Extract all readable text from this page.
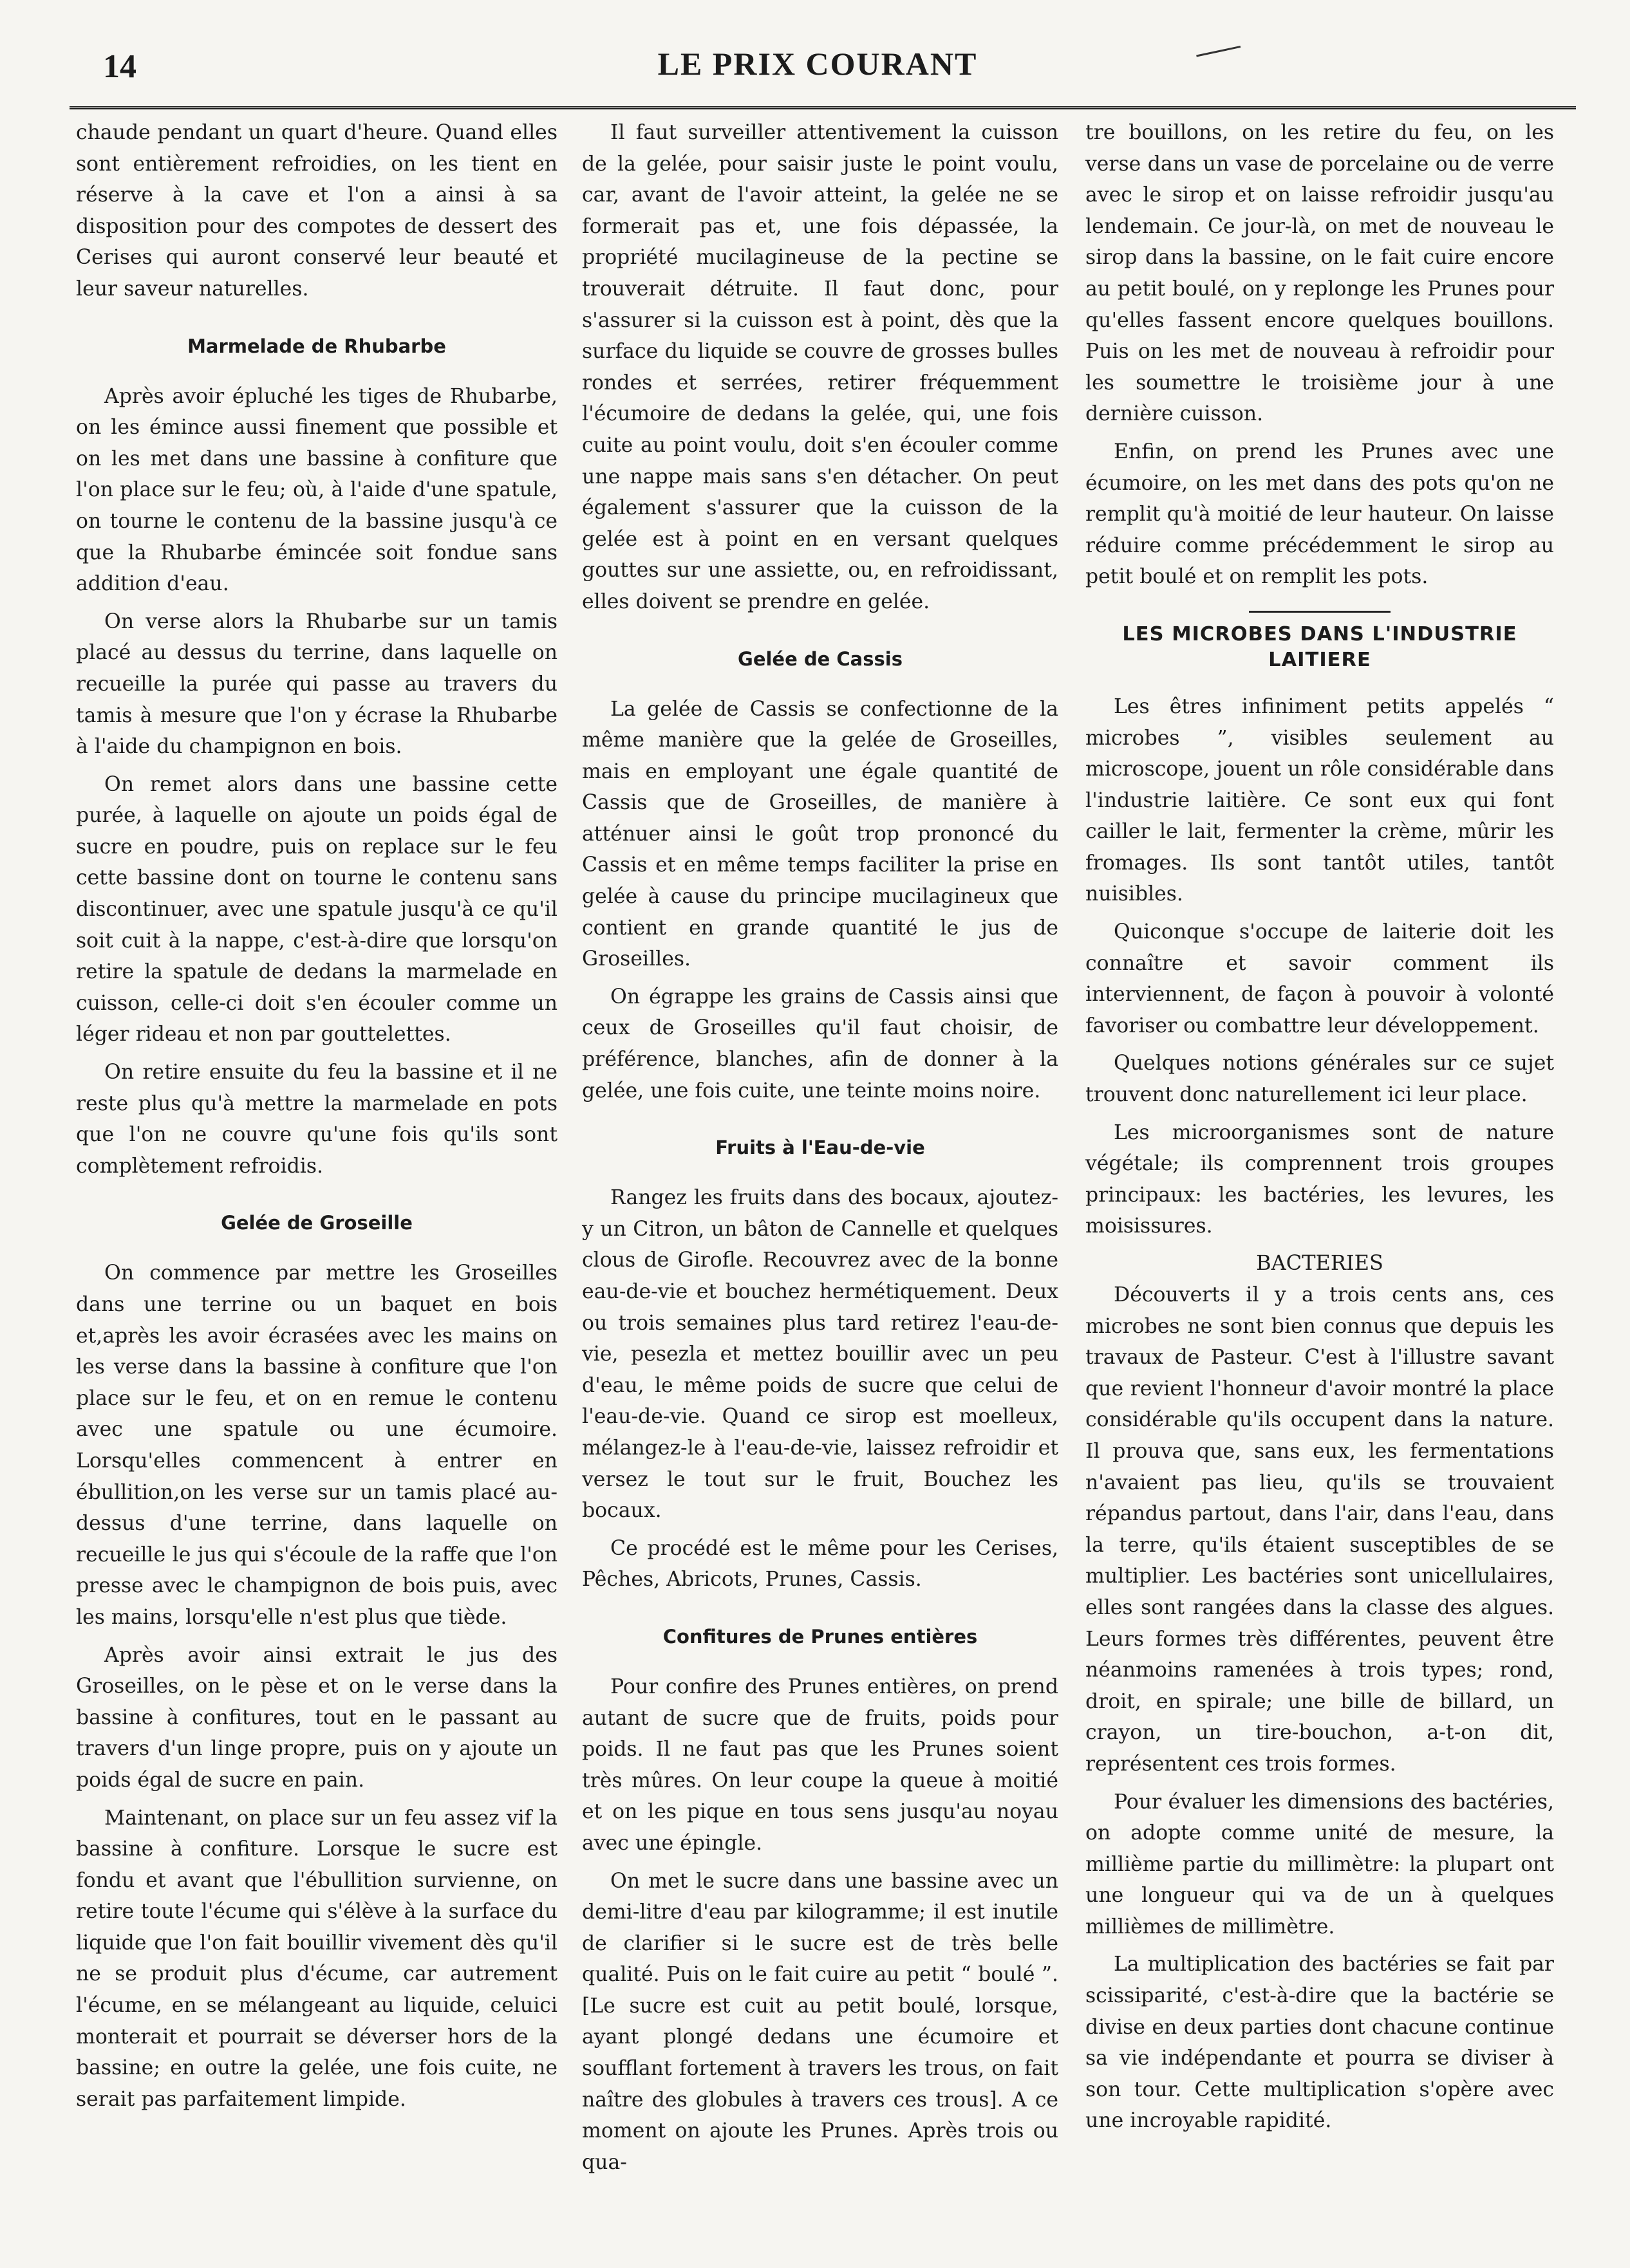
14	LE PRIX COURANT

chaude pendant un quart d'heure. Quand elles sont entièrement refroidies, on les tient en réserve à la cave et l'on a ainsi à sa disposition pour des compotes de dessert des Cerises qui auront conservé leur beauté et leur saveur naturelles.

Marmelade de Rhubarbe

Après avoir épluché les tiges de Rhubarbe, on les émince aussi finement que possible et on les met dans une bassine à confiture que l'on place sur le feu; où, à l'aide d'une spatule, on tourne le contenu de la bassine jusqu'à ce que la Rhubarbe émincée soit fondue sans addition d'eau.

On verse alors la Rhubarbe sur un tamis placé au dessus du terrine, dans laquelle on recueille la purée qui passe au travers du tamis à mesure que l'on y écrase la Rhubarbe à l'aide du champignon en bois.

On remet alors dans une bassine cette purée, à laquelle on ajoute un poids égal de sucre en poudre, puis on replace sur le feu cette bassine dont on tourne le contenu sans discontinuer, avec une spatule jusqu'à ce qu'il soit cuit à la nappe, c'est-à-dire que lorsqu'on retire la spatule de dedans la marmelade en cuisson, celle-ci doit s'en écouler comme un léger rideau et non par gouttelettes.

On retire ensuite du feu la bassine et il ne reste plus qu'à mettre la marmelade en pots que l'on ne couvre qu'une fois qu'ils sont complètement refroidis.

Gelée de Groseille

On commence par mettre les Groseilles dans une terrine ou un baquet en bois et,après les avoir écrasées avec les mains on les verse dans la bassine à confiture que l'on place sur le feu, et on en remue le contenu avec une spatule ou une écumoire. Lorsqu'elles commencent à entrer en ébullition,on les verse sur un tamis placé au-dessus d'une terrine, dans laquelle on recueille le jus qui s'écoule de la raffe que l'on presse avec le champignon de bois puis, avec les mains, lorsqu'elle n'est plus que tiède.

Après avoir ainsi extrait le jus des Groseilles, on le pèse et on le verse dans la bassine à confitures, tout en le passant au travers d'un linge propre, puis on y ajoute un poids égal de sucre en pain.

Maintenant, on place sur un feu assez vif la bassine à confiture. Lorsque le sucre est fondu et avant que l'ébullition survienne, on retire toute l'écume qui s'élève à la surface du liquide que l'on fait bouillir vivement dès qu'il ne se produit plus d'écume, car autrement l'écume, en se mélangeant au liquide, celuici monterait et pourrait se déverser hors de la bassine; en outre la gelée, une fois cuite, ne serait pas parfaitement limpide.

Il faut surveiller attentivement la cuisson de la gelée, pour saisir juste le point voulu, car, avant de l'avoir atteint, la gelée ne se formerait pas et, une fois dépassée, la propriété mucilagineuse de la pectine se trouverait détruite. Il faut donc, pour s'assurer si la cuisson est à point, dès que la surface du liquide se couvre de grosses bulles rondes et serrées, retirer fréquemment l'écumoire de dedans la gelée, qui, une fois cuite au point voulu, doit s'en écouler comme une nappe mais sans s'en détacher. On peut également s'assurer que la cuisson de la gelée est à point en en versant quelques gouttes sur une assiette, ou, en refroidissant, elles doivent se prendre en gelée.

Gelée de Cassis

La gelée de Cassis se confectionne de la même manière que la gelée de Groseilles, mais en employant une égale quantité de Cassis que de Groseilles, de manière à atténuer ainsi le goût trop prononcé du Cassis et en même temps faciliter la prise en gelée à cause du principe mucilagineux que contient en grande quantité le jus de Groseilles.

On égrappe les grains de Cassis ainsi que ceux de Groseilles qu'il faut choisir, de préférence, blanches, afin de donner à la gelée, une fois cuite, une teinte moins noire.

Fruits à l'Eau-de-vie

Rangez les fruits dans des bocaux, ajoutez-y un Citron, un bâton de Cannelle et quelques clous de Girofle. Recouvrez avec de la bonne eau-de-vie et bouchez hermétiquement. Deux ou trois semaines plus tard retirez l'eau-de-vie, pesezla et mettez bouillir avec un peu d'eau, le même poids de sucre que celui de l'eau-de-vie. Quand ce sirop est moelleux, mélangez-le à l'eau-de-vie, laissez refroidir et versez le tout sur le fruit, Bouchez les bocaux.

Ce procédé est le même pour les Cerises, Pêches, Abricots, Prunes, Cassis.

Confitures de Prunes entières

Pour confire des Prunes entières, on prend autant de sucre que de fruits, poids pour poids. Il ne faut pas que les Prunes soient très mûres. On leur coupe la queue à moitié et on les pique en tous sens jusqu'au noyau avec une épingle.

On met le sucre dans une bassine avec un demi-litre d'eau par kilogramme; il est inutile de clarifier si le sucre est de très belle qualité. Puis on le fait cuire au petit “ boulé ”. [Le sucre est cuit au petit boulé, lorsque, ayant plongé dedans une écumoire et soufflant fortement à travers les trous, on fait naître des globules à travers ces trous]. A ce moment on ajoute les Prunes. Après trois ou qua-

tre bouillons, on les retire du feu, on les verse dans un vase de porcelaine ou de verre avec le sirop et on laisse refroidir jusqu'au lendemain. Ce jour-là, on met de nouveau le sirop dans la bassine, on le fait cuire encore au petit boulé, on y replonge les Prunes pour qu'elles fassent encore quelques bouillons. Puis on les met de nouveau à refroidir pour les soumettre le troisième jour à une dernière cuisson.

Enfin, on prend les Prunes avec une écumoire, on les met dans des pots qu'on ne remplit qu'à moitié de leur hauteur. On laisse réduire comme précédemment le sirop au petit boulé et on remplit les pots.

LES MICROBES DANS L'INDUSTRIE LAITIERE

Les êtres infiniment petits appelés “ microbes ”, visibles seulement au microscope, jouent un rôle considérable dans l'industrie laitière. Ce sont eux qui font cailler le lait, fermenter la crème, mûrir les fromages. Ils sont tantôt utiles, tantôt nuisibles.

Quiconque s'occupe de laiterie doit les connaître et savoir comment ils interviennent, de façon à pouvoir à volonté favoriser ou combattre leur développement.

Quelques notions générales sur ce sujet trouvent donc naturellement ici leur place.

Les microorganismes sont de nature végétale; ils comprennent trois groupes principaux: les bactéries, les levures, les moisissures.

BACTERIES

Découverts il y a trois cents ans, ces microbes ne sont bien connus que depuis les travaux de Pasteur. C'est à l'illustre savant que revient l'honneur d'avoir montré la place considérable qu'ils occupent dans la nature. Il prouva que, sans eux, les fermentations n'avaient pas lieu, qu'ils se trouvaient répandus partout, dans l'air, dans l'eau, dans la terre, qu'ils étaient susceptibles de se multiplier. Les bactéries sont unicellulaires, elles sont rangées dans la classe des algues. Leurs formes très différentes, peuvent être néanmoins ramenées à trois types; rond, droit, en spirale; une bille de billard, un crayon, un tire-bouchon, a-t-on dit, représentent ces trois formes.

Pour évaluer les dimensions des bactéries, on adopte comme unité de mesure, la millième partie du millimètre: la plupart ont une longueur qui va de un à quelques millièmes de millimètre.

La multiplication des bactéries se fait par scissiparité, c'est-à-dire que la bactérie se divise en deux parties dont chacune continue sa vie indépendante et pourra se diviser à son tour. Cette multiplication s'opère avec une incroyable rapidité.
